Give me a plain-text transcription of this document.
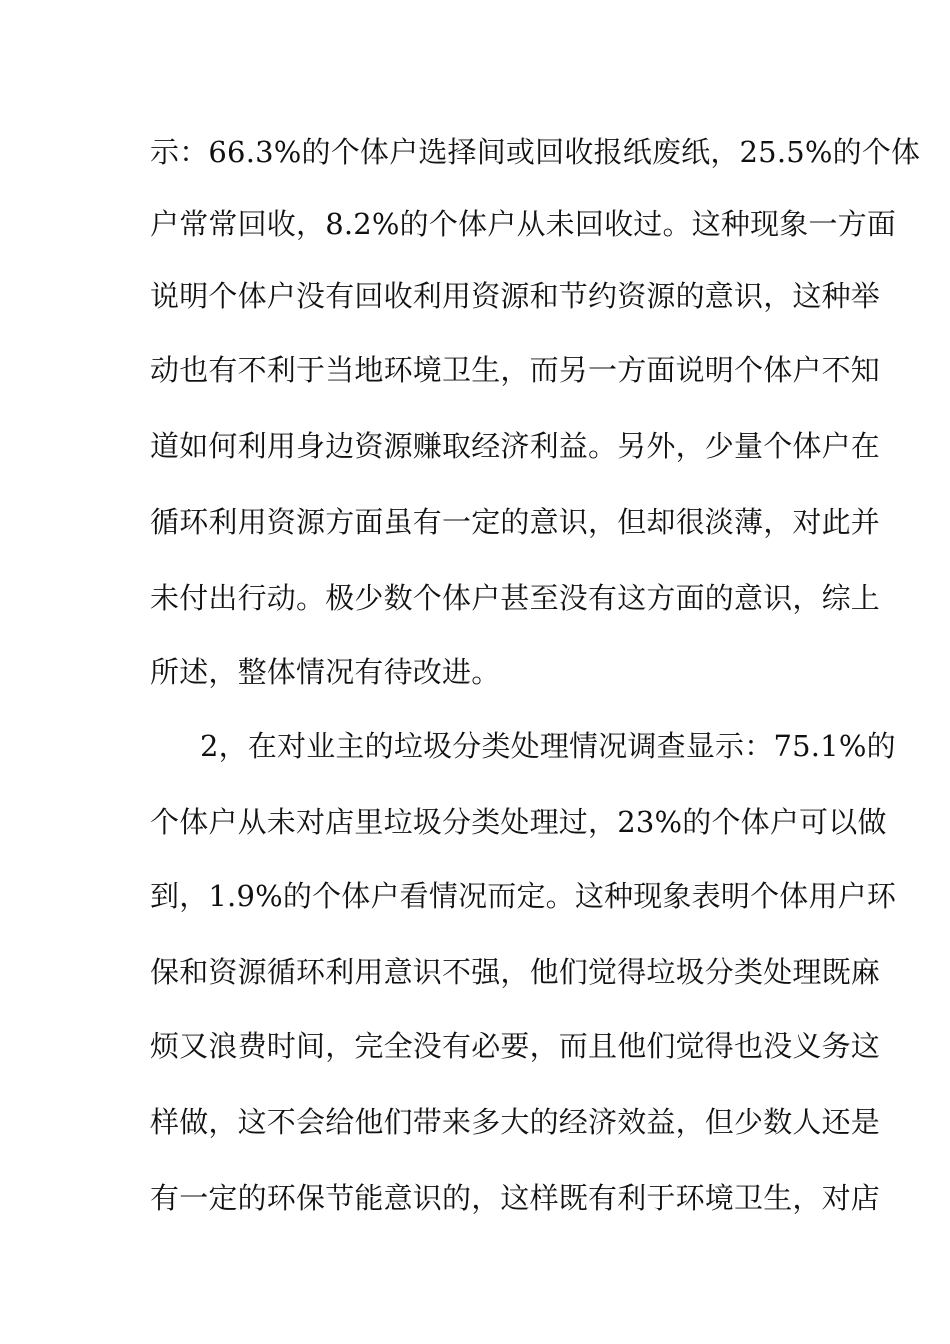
示：66.3%的个体户选择间或回收报纸废纸，25.5%的个体
户常常回收，8.2%的个体户从未回收过。这种现象一方面
说明个体户没有回收利用资源和节约资源的意识，这种举
动也有不利于当地环境卫生，而另一方面说明个体户不知
道如何利用身边资源赚取经济利益。另外，少量个体户在
循环利用资源方面虽有一定的意识，但却很淡薄，对此并
未付出行动。极少数个体户甚至没有这方面的意识，综上
所述，整体情况有待改进。
2，在对业主的垃圾分类处理情况调查显示：75.1%的
个体户从未对店里垃圾分类处理过，23%的个体户可以做
到，1.9%的个体户看情况而定。这种现象表明个体用户环
保和资源循环利用意识不强，他们觉得垃圾分类处理既麻
烦又浪费时间，完全没有必要，而且他们觉得也没义务这
样做，这不会给他们带来多大的经济效益，但少数人还是
有一定的环保节能意识的，这样既有利于环境卫生，对店
